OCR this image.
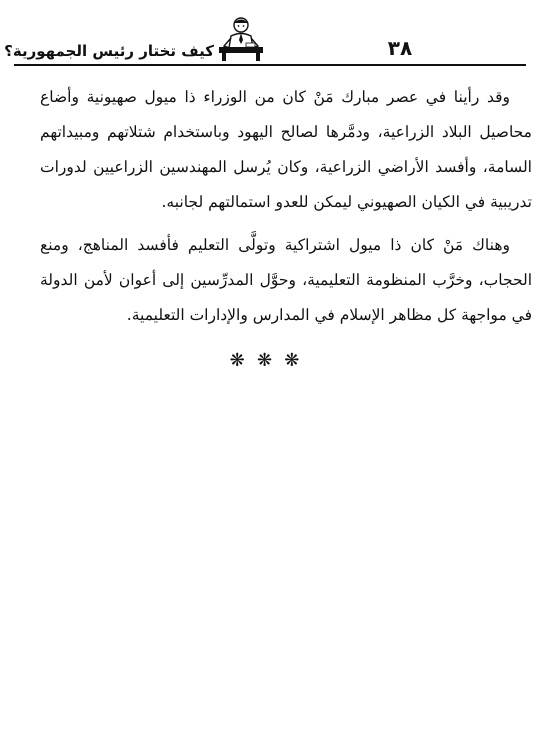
٣٨
كيف تختار رئيس الجمهورية؟

وقد رأينا في عصر مبارك مَنْ كان من الوزراء ذا ميول صهيونية وأضاع محاصيل البلاد الزراعية، ودمَّرها لصالح اليهود وباستخدام شتلاتهم ومبيداتهم السامة، وأفسد الأراضي الزراعية، وكان يُرسل المهندسين الزراعيين لدورات تدريبية في الكيان الصهيوني ليمكن للعدو استمالتهم لجانبه.

وهناك مَنْ كان ذا ميول اشتراكية وتولَّى التعليم فأفسد المناهج، ومنع الحجاب، وخرَّب المنظومة التعليمية، وحوَّل المدرِّسين إلى أعوان لأمن الدولة في مواجهة كل مظاهر الإسلام في المدارس والإدارات التعليمية.

❋ ❋ ❋
